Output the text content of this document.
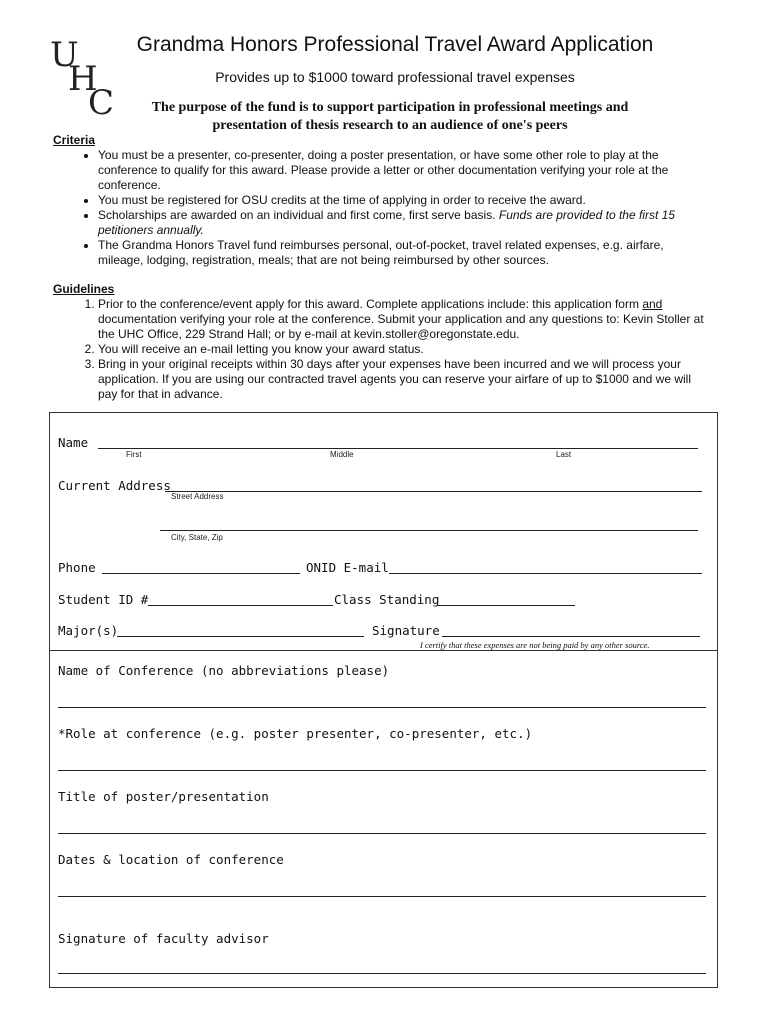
U
H
C
Grandma Honors Professional Travel Award Application
Provides up to $1000 toward professional travel expenses
The purpose of the fund is to support participation in professional meetings and
presentation of thesis research to an audience of one's peers
Criteria
• You must be a presenter, co-presenter, doing a poster presentation, or have some other role to play at the conference to qualify for this award. Please provide a letter or other documentation verifying your role at the conference.
• You must be registered for OSU credits at the time of applying in order to receive the award.
• Scholarships are awarded on an individual and first come, first serve basis. Funds are provided to the first 15 petitioners annually.
• The Grandma Honors Travel fund reimburses personal, out-of-pocket, travel related expenses, e.g. airfare, mileage, lodging, registration, meals; that are not being reimbursed by other sources.
Guidelines
1. Prior to the conference/event apply for this award. Complete applications include: this application form and documentation verifying your role at the conference. Submit your application and any questions to: Kevin Stoller at the UHC Office, 229 Strand Hall; or by e-mail at kevin.stoller@oregonstate.edu.
2. You will receive an e-mail letting you know your award status.
3. Bring in your original receipts within 30 days after your expenses have been incurred and we will process your application. If you are using our contracted travel agents you can reserve your airfare of up to $1000 and we will pay for that in advance.
Name
First	Middle	Last
Current Address
Street Address
City, State, Zip
Phone	ONID E-mail
Student ID #	Class Standing
Major(s)	Signature
I certify that these expenses are not being paid by any other source.
Name of Conference (no abbreviations please)
*Role at conference (e.g. poster presenter, co-presenter, etc.)
Title of poster/presentation
Dates & location of conference
Signature of faculty advisor
